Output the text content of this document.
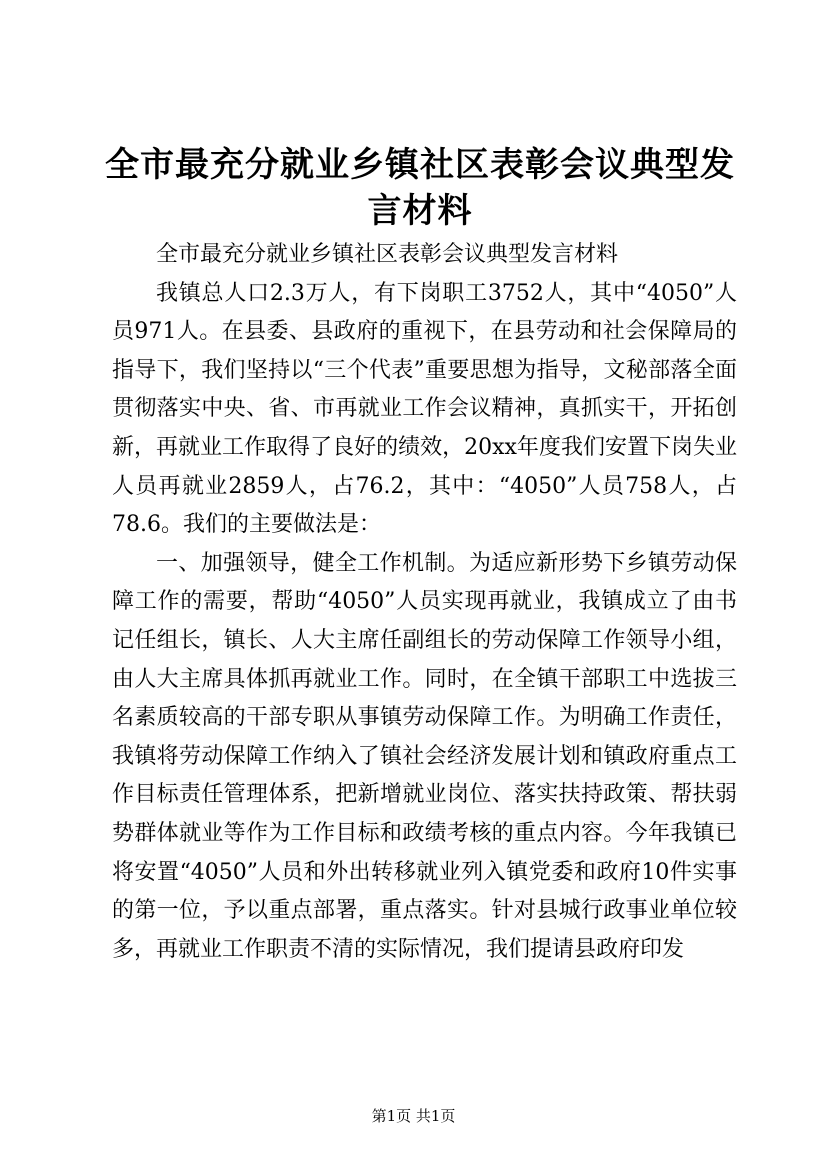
全市最充分就业乡镇社区表彰会议典型发言材料

全市最充分就业乡镇社区表彰会议典型发言材料

我镇总人口2.3万人，有下岗职工3752人，其中“4050”人员971人。在县委、县政府的重视下，在县劳动和社会保障局的指导下，我们坚持以“三个代表”重要思想为指导，文秘部落全面贯彻落实中央、省、市再就业工作会议精神，真抓实干，开拓创新，再就业工作取得了良好的绩效，20xx年度我们安置下岗失业人员再就业2859人，占76.2，其中：“4050”人员758人，占78.6。我们的主要做法是：

一、加强领导，健全工作机制。为适应新形势下乡镇劳动保障工作的需要，帮助“4050”人员实现再就业，我镇成立了由书记任组长，镇长、人大主席任副组长的劳动保障工作领导小组，由人大主席具体抓再就业工作。同时，在全镇干部职工中选拔三名素质较高的干部专职从事镇劳动保障工作。为明确工作责任，我镇将劳动保障工作纳入了镇社会经济发展计划和镇政府重点工作目标责任管理体系，把新增就业岗位、落实扶持政策、帮扶弱势群体就业等作为工作目标和政绩考核的重点内容。今年我镇已将安置“4050”人员和外出转移就业列入镇党委和政府10件实事的第一位，予以重点部署，重点落实。针对县城行政事业单位较多，再就业工作职责不清的实际情况，我们提请县政府印发

第1页 共1页
